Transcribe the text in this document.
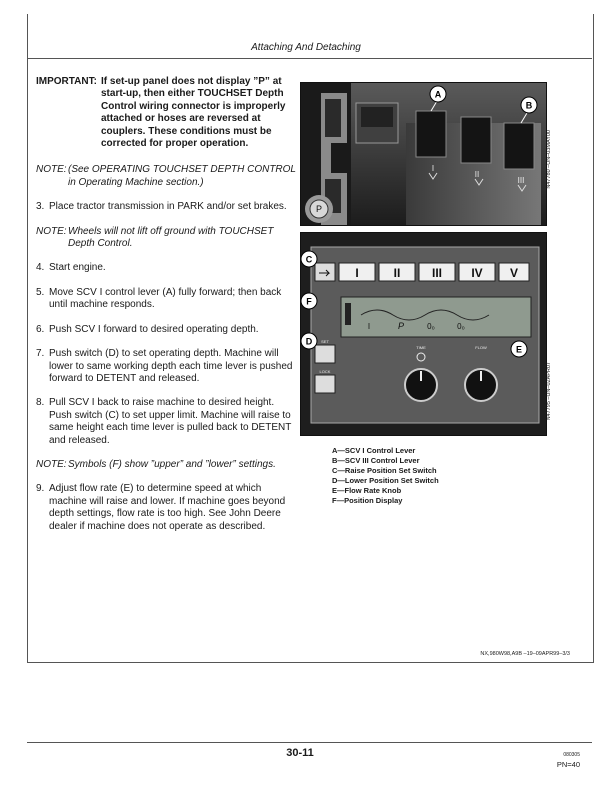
Attaching And Detaching
IMPORTANT: If set-up panel does not display ”P” at start-up, then either TOUCHSET Depth Control wiring connector is improperly attached or hoses are reversed at couplers. These conditions must be corrected for proper operation.
NOTE: (See OPERATING TOUCHSET DEPTH CONTROL in Operating Machine section.)
3. Place tractor transmission in PARK and/or set brakes.
NOTE: Wheels will not lift off ground with TOUCHSET Depth Control.
4. Start engine.
5. Move SCV I control lever (A) fully forward; then back until machine responds.
6. Push SCV I forward to desired operating depth.
7. Push switch (D) to set operating depth. Machine will lower to same working depth each time lever is pushed forward to DETENT and released.
8. Pull SCV I back to raise machine to desired height. Push switch (C) to set upper limit. Machine will raise to same height each time lever is pulled back to DETENT and released.
NOTE: Symbols (F) show ”upper” and ”lower” settings.
9. Adjust flow rate (E) to determine speed at which machine will raise and lower. If machine goes beyond depth settings, flow rate is too high. See John Deere dealer if machine does not operate as described.
P
I
II
III
A
B
N47780 –UN–03MAY00
I	II	III IV V
I	P	0₀	0₀
SET
LOCK
TIME	FLOW
C
F
D
E
N47795 –UN–02APR07
A—SCV I Control Lever
B—SCV III Control Lever
C—Raise Position Set Switch
D—Lower Position Set Switch
E—Flow Rate Knob
F—Position Display
NX,980W98,A9B –19–09APR99–3/3
30-11	080305
PN=40
